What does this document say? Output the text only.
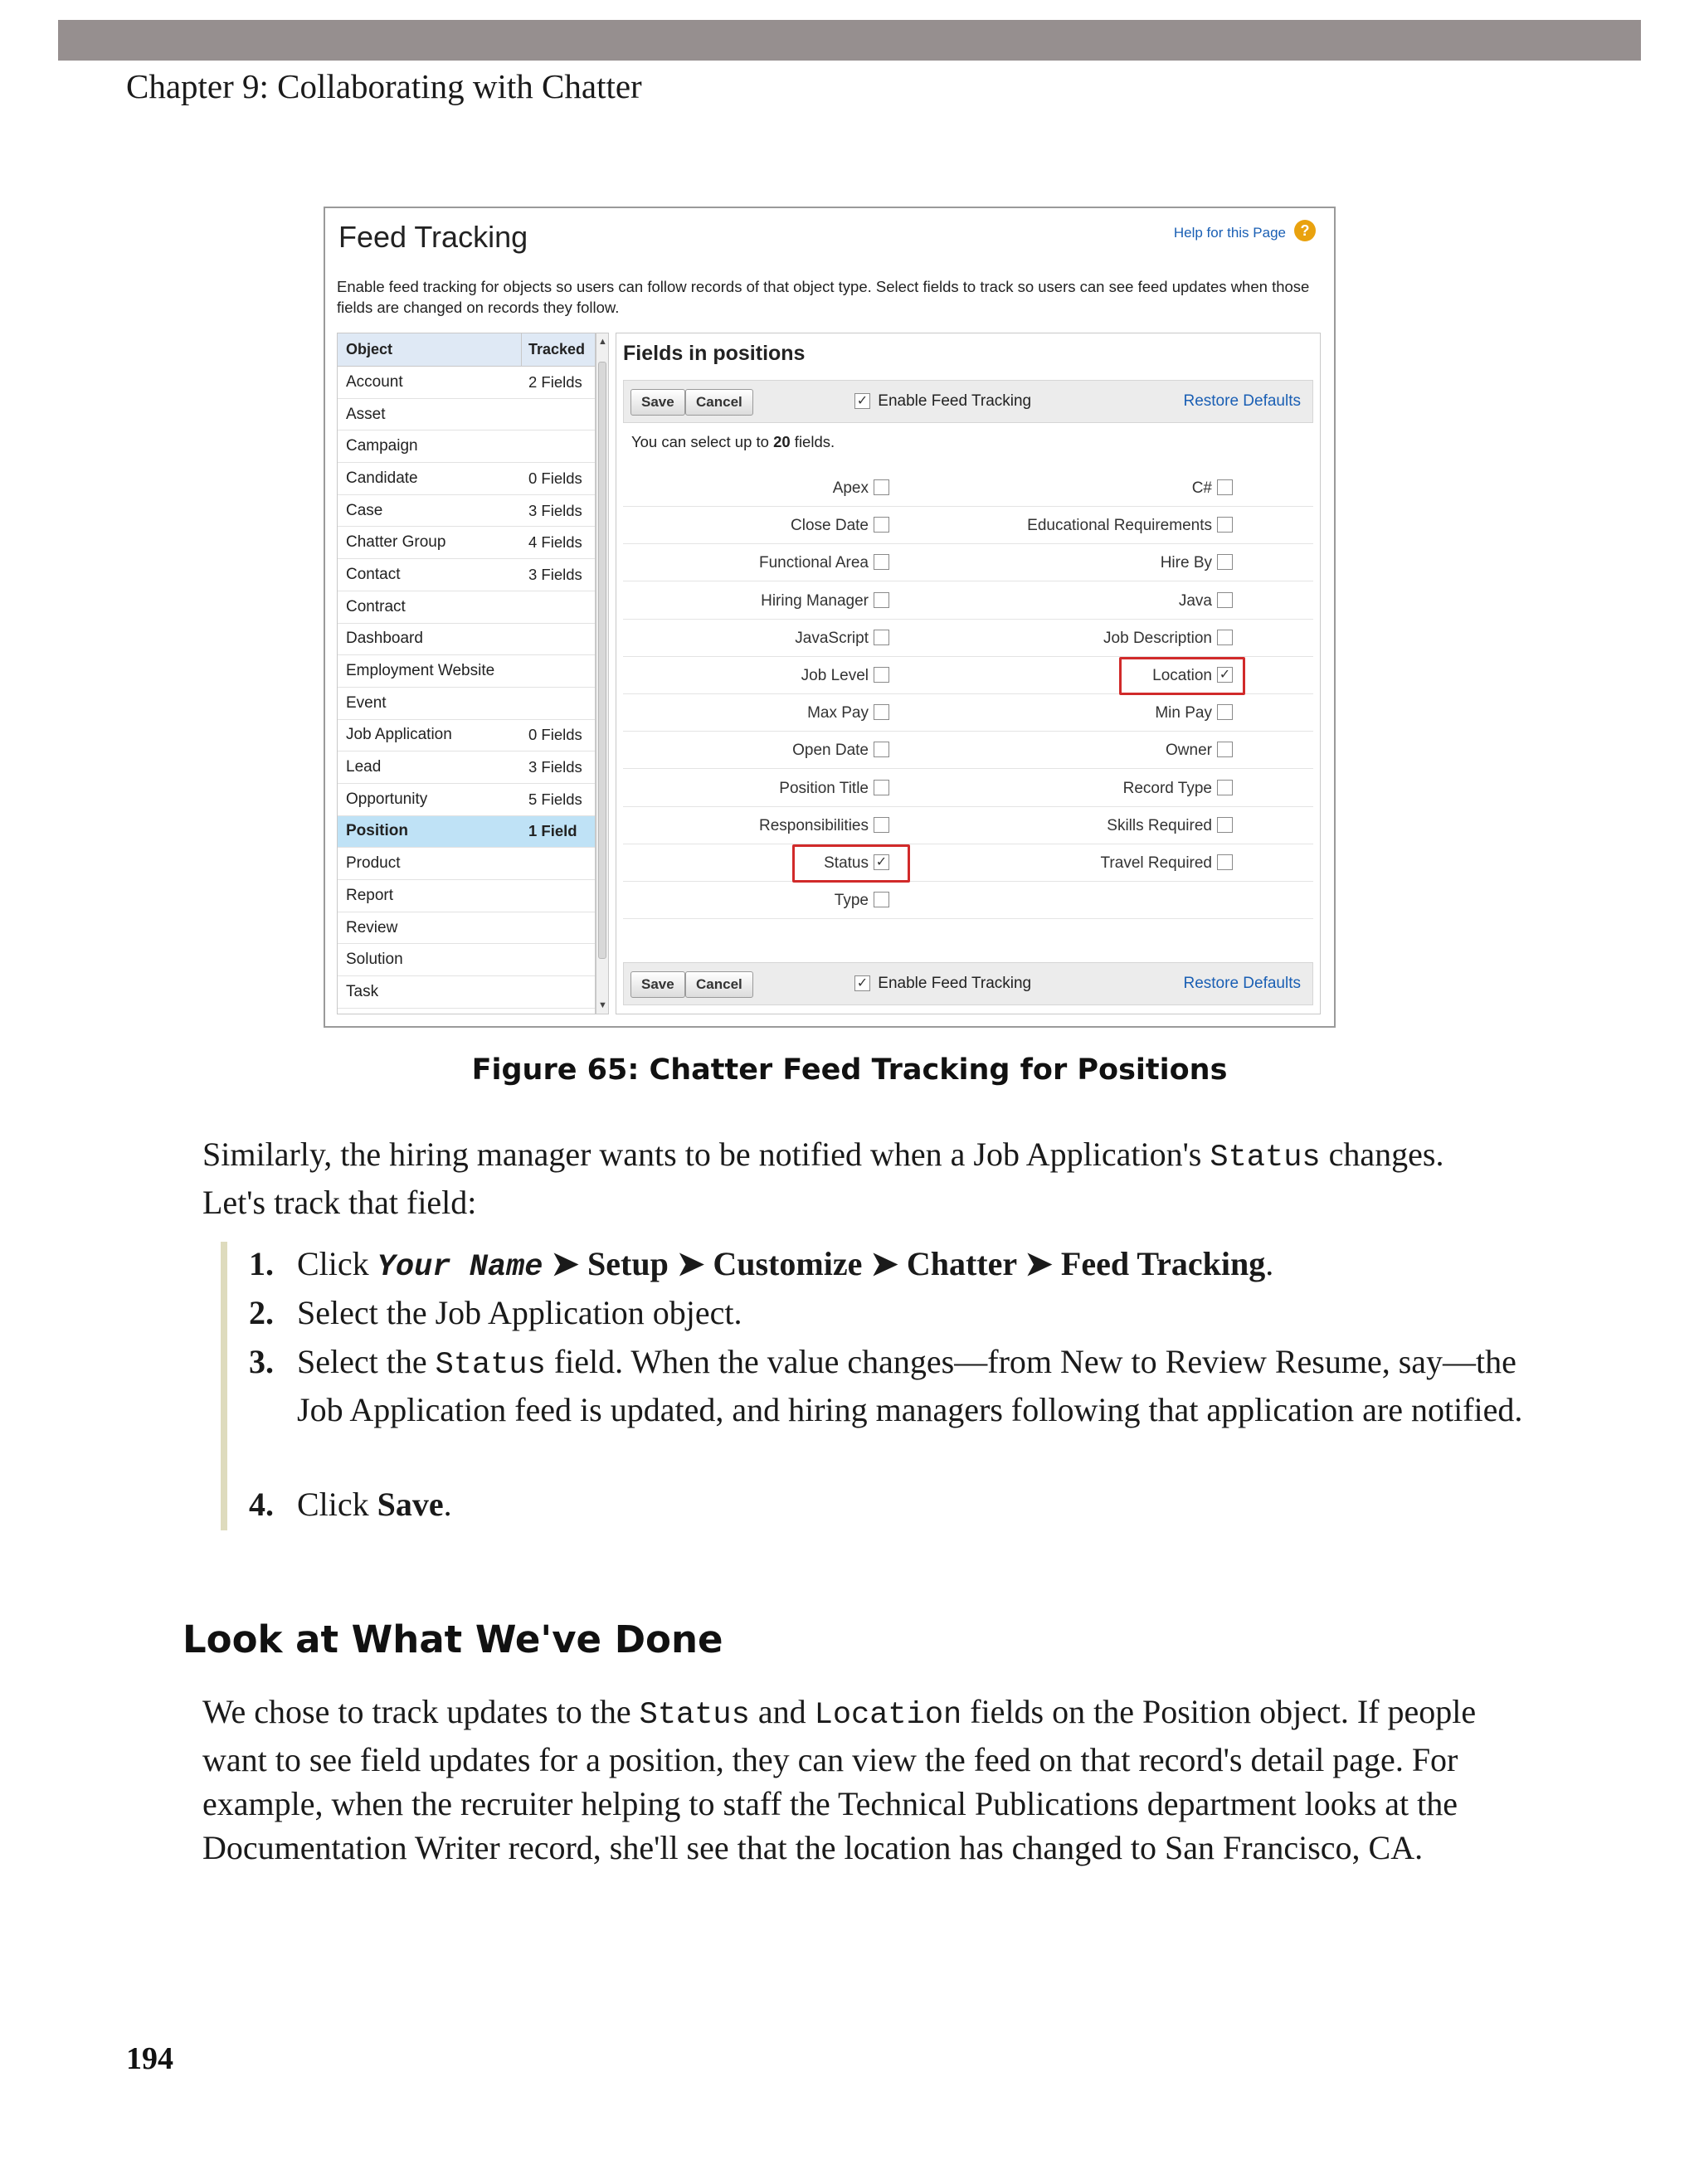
Chapter 9: Collaborating with Chatter
Feed Tracking	Help for this Page ?
Enable feed tracking for objects so users can follow records of that object type. Select fields to track so users can see feed updates when those fields are changed on records they follow.
Object	Tracked
Account	2 Fields
Asset
Campaign
Candidate	0 Fields
Case	3 Fields
Chatter Group	4 Fields
Contact	3 Fields
Contract
Dashboard
Employment Website
Event
Job Application	0 Fields
Lead	3 Fields
Opportunity	5 Fields
Position	1 Field
Product
Report
Review
Solution
Task
▲
▼
Fields in positions
Save	Cancel	✓ Enable Feed Tracking	Restore Defaults
You can select up to 20 fields.
Apex	C#
Close Date	Educational Requirements
Functional Area	Hire By
Hiring Manager	Java
JavaScript	Job Description
Job Level	Location ✓
Max Pay	Min Pay
Open Date	Owner
Position Title	Record Type
Responsibilities	Skills Required
Status ✓	Travel Required
Type
Save	Cancel	✓ Enable Feed Tracking	Restore Defaults
Figure 65: Chatter Feed Tracking for Positions
Similarly, the hiring manager wants to be notified when a Job Application's Status changes.
Let's track that field:
1. Click Your Name ➤ Setup ➤ Customize ➤ Chatter ➤ Feed Tracking.
2. Select the Job Application object.
3. Select the Status field. When the value changes—from New to Review Resume, say—the Job Application feed is updated, and hiring managers following that application are notified.
4. Click Save.
Look at What We've Done
We chose to track updates to the Status and Location fields on the Position object. If people want to see field updates for a position, they can view the feed on that record's detail page. For example, when the recruiter helping to staff the Technical Publications department looks at the Documentation Writer record, she'll see that the location has changed to San Francisco, CA.
194
